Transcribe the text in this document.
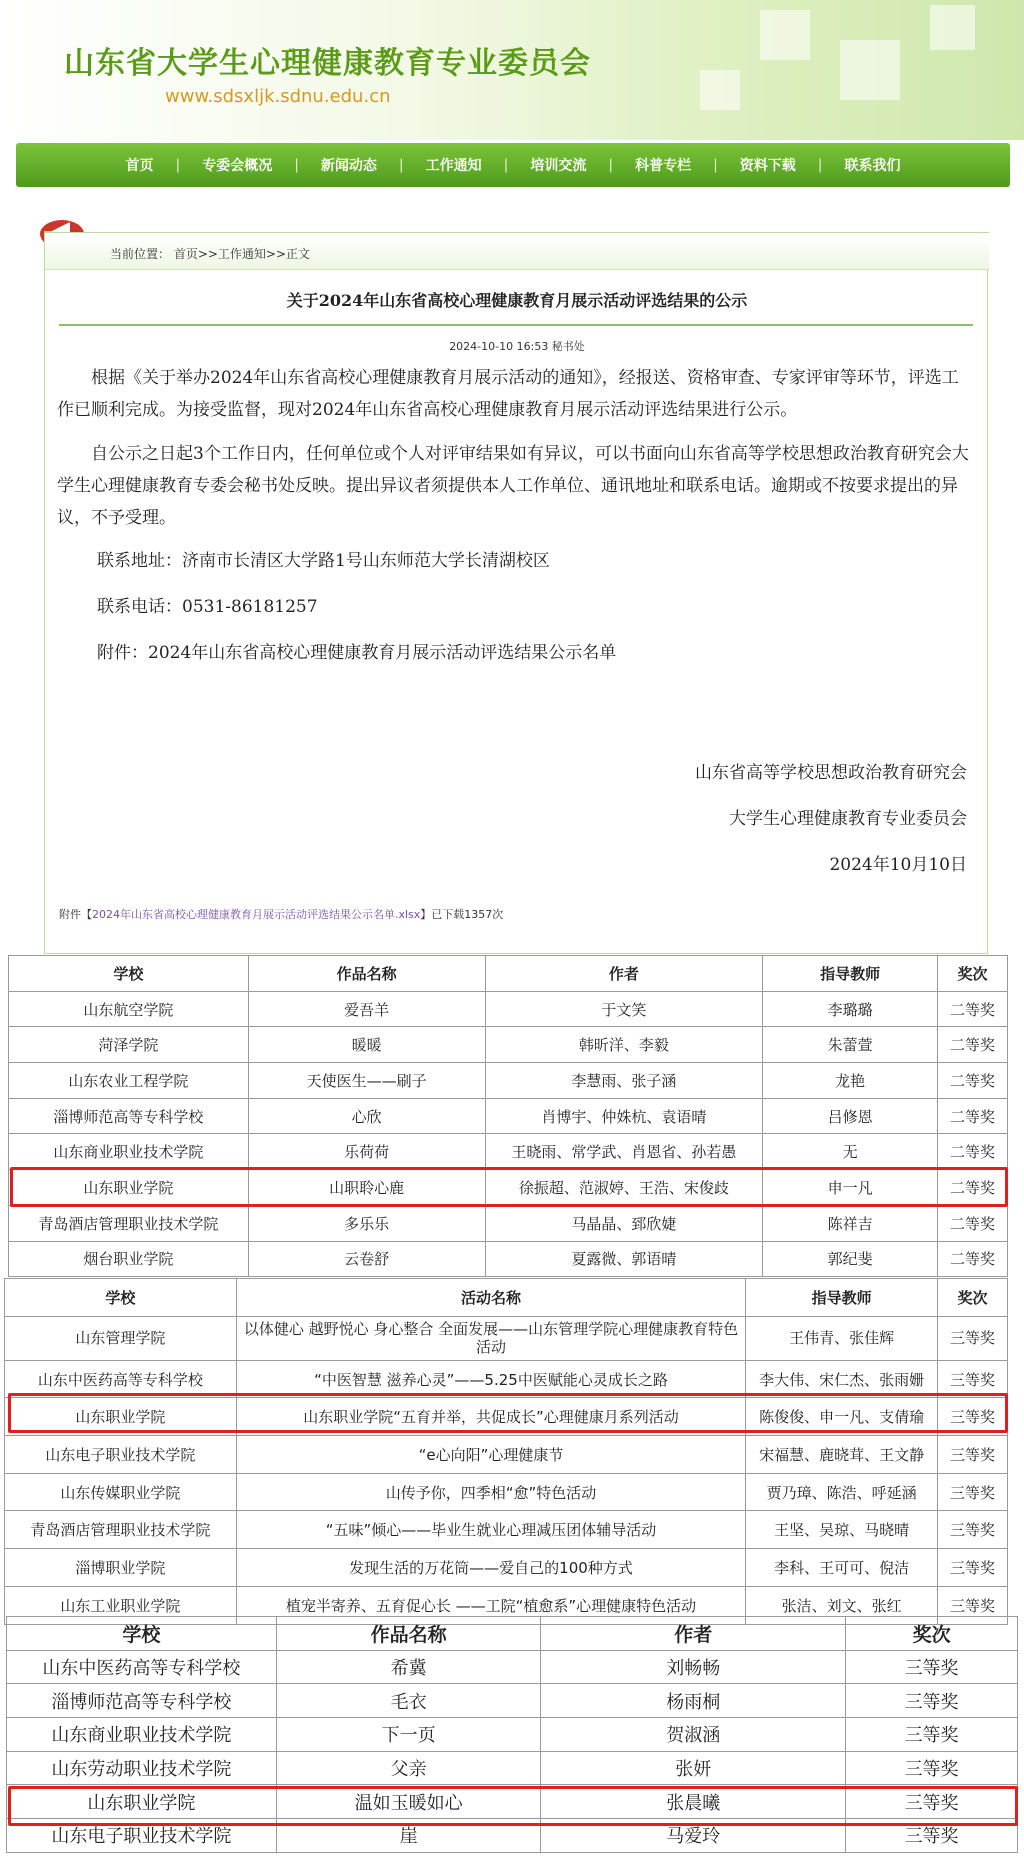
山东省大学生心理健康教育专业委员会
www.sdsxljk.sdnu.edu.cn
首页	|	专委会概况	|	新闻动态	|	工作通知	|	培训交流	|	科普专栏	|	资料下载	|	联系我们
当前位置： 首页>>工作通知>>正文
关于2024年山东省高校心理健康教育月展示活动评选结果的公示
2024-10-10 16:53 秘书处
根据《关于举办2024年山东省高校心理健康教育月展示活动的通知》，经报送、资格审查、专家评审等环节，评选工作已顺利完成。为接受监督，现对2024年山东省高校心理健康教育月展示活动评选结果进行公示。
自公示之日起3个工作日内，任何单位或个人对评审结果如有异议，可以书面向山东省高等学校思想政治教育研究会大学生心理健康教育专委会秘书处反映。提出异议者须提供本人工作单位、通讯地址和联系电话。逾期或不按要求提出的异议，不予受理。
联系地址：济南市长清区大学路1号山东师范大学长清湖校区
联系电话：0531-86181257
附件：2024年山东省高校心理健康教育月展示活动评选结果公示名单
山东省高等学校思想政治教育研究会
大学生心理健康教育专业委员会
2024年10月10日
附件【2024年山东省高校心理健康教育月展示活动评选结果公示名单.xlsx】已下载1357次
学校	作品名称	作者	指导教师	奖次
山东航空学院	爱吾羊	于文笑	李璐璐	二等奖
菏泽学院	暖暖	韩昕洋、李毅	朱蕾萱	二等奖
山东农业工程学院	天使医生——刷子	李慧雨、张子涵	龙艳	二等奖
淄博师范高等专科学校	心欣	肖博宇、仲姝杭、袁语晴	吕修恩	二等奖
山东商业职业技术学院	乐荷荷	王晓雨、常学武、肖恩省、孙若愚	无	二等奖
山东职业学院	山职聆心鹿	徐振超、范淑婷、王浩、宋俊歧	申一凡	二等奖
青岛酒店管理职业技术学院	多乐乐	马晶晶、郅欣婕	陈祥吉	二等奖
烟台职业学院	云卷舒	夏露微、郭语晴	郭纪斐	二等奖
学校	活动名称	指导教师	奖次
山东管理学院	以体健心 越野悦心 身心整合 全面发展——山东管理学院心理健康教育特色活动	王伟青、张佳辉	三等奖
山东中医药高等专科学校	“中医智慧 滋养心灵”——5.25中医赋能心灵成长之路	李大伟、宋仁杰、张雨姗	三等奖
山东职业学院	山东职业学院“五育并举，共促成长”心理健康月系列活动	陈俊俊、申一凡、支倩瑜	三等奖
山东电子职业技术学院	“e心向阳”心理健康节	宋福慧、鹿晓茸、王文静	三等奖
山东传媒职业学院	山传予你，四季相“愈”特色活动	贾乃璋、陈浩、呼延涵	三等奖
青岛酒店管理职业技术学院	“五味”倾心——毕业生就业心理减压团体辅导活动	王坚、吴琼、马晓晴	三等奖
淄博职业学院	发现生活的万花筒——爱自己的100种方式	李科、王可可、倪洁	三等奖
山东工业职业学院	植宠半寄养、五育促心长 ——工院“植愈系”心理健康特色活动	张洁、刘文、张红	三等奖
学校	作品名称	作者	奖次
山东中医药高等专科学校	希冀	刘畅畅	三等奖
淄博师范高等专科学校	毛衣	杨雨桐	三等奖
山东商业职业技术学院	下一页	贺淑涵	三等奖
山东劳动职业技术学院	父亲	张妍	三等奖
山东职业学院	温如玉暖如心	张晨曦	三等奖
山东电子职业技术学院	崖	马爱玲	三等奖
